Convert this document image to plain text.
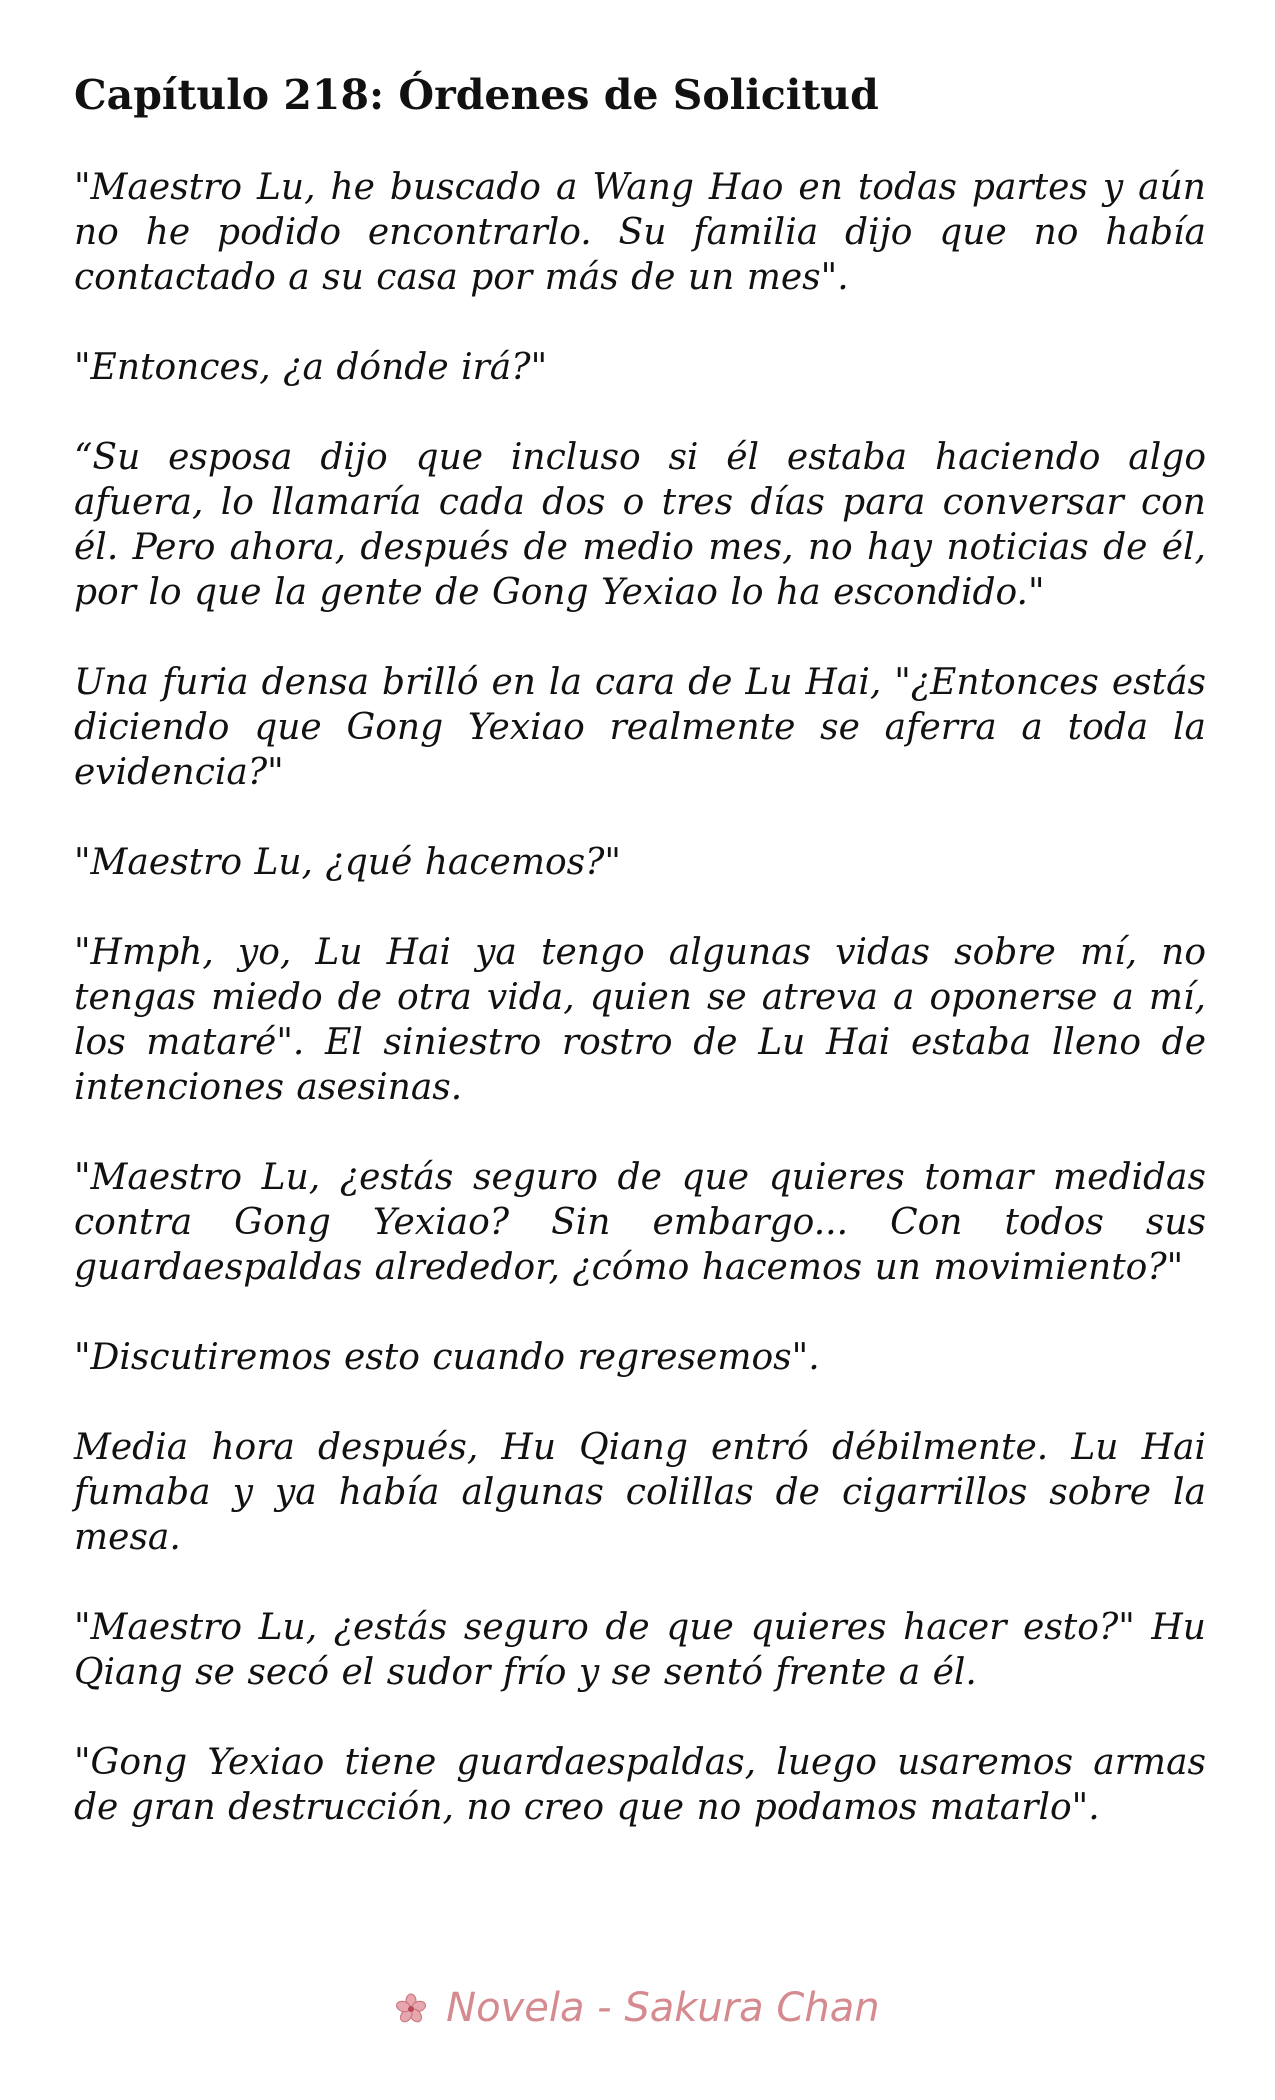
Capítulo 218: Órdenes de Solicitud

"Maestro Lu, he buscado a Wang Hao en todas partes y aún no he podido encontrarlo. Su familia dijo que no había contactado a su casa por más de un mes".

"Entonces, ¿a dónde irá?"

“Su esposa dijo que incluso si él estaba haciendo algo afuera, lo llamaría cada dos o tres días para conversar con él. Pero ahora, después de medio mes, no hay noticias de él, por lo que la gente de Gong Yexiao lo ha escondido."

Una furia densa brilló en la cara de Lu Hai, "¿Entonces estás diciendo que Gong Yexiao realmente se aferra a toda la evidencia?"

"Maestro Lu, ¿qué hacemos?"

"Hmph, yo, Lu Hai ya tengo algunas vidas sobre mí, no tengas miedo de otra vida, quien se atreva a oponerse a mí, los mataré". El siniestro rostro de Lu Hai estaba lleno de intenciones asesinas.

"Maestro Lu, ¿estás seguro de que quieres tomar medidas contra Gong Yexiao? Sin embargo... Con todos sus guardaespaldas alrededor, ¿cómo hacemos un movimiento?"

"Discutiremos esto cuando regresemos".

Media hora después, Hu Qiang entró débilmente. Lu Hai fumaba y ya había algunas colillas de cigarrillos sobre la mesa.

"Maestro Lu, ¿estás seguro de que quieres hacer esto?" Hu Qiang se secó el sudor frío y se sentó frente a él.

"Gong Yexiao tiene guardaespaldas, luego usaremos armas de gran destrucción, no creo que no podamos matarlo".

Novela - Sakura Chan
